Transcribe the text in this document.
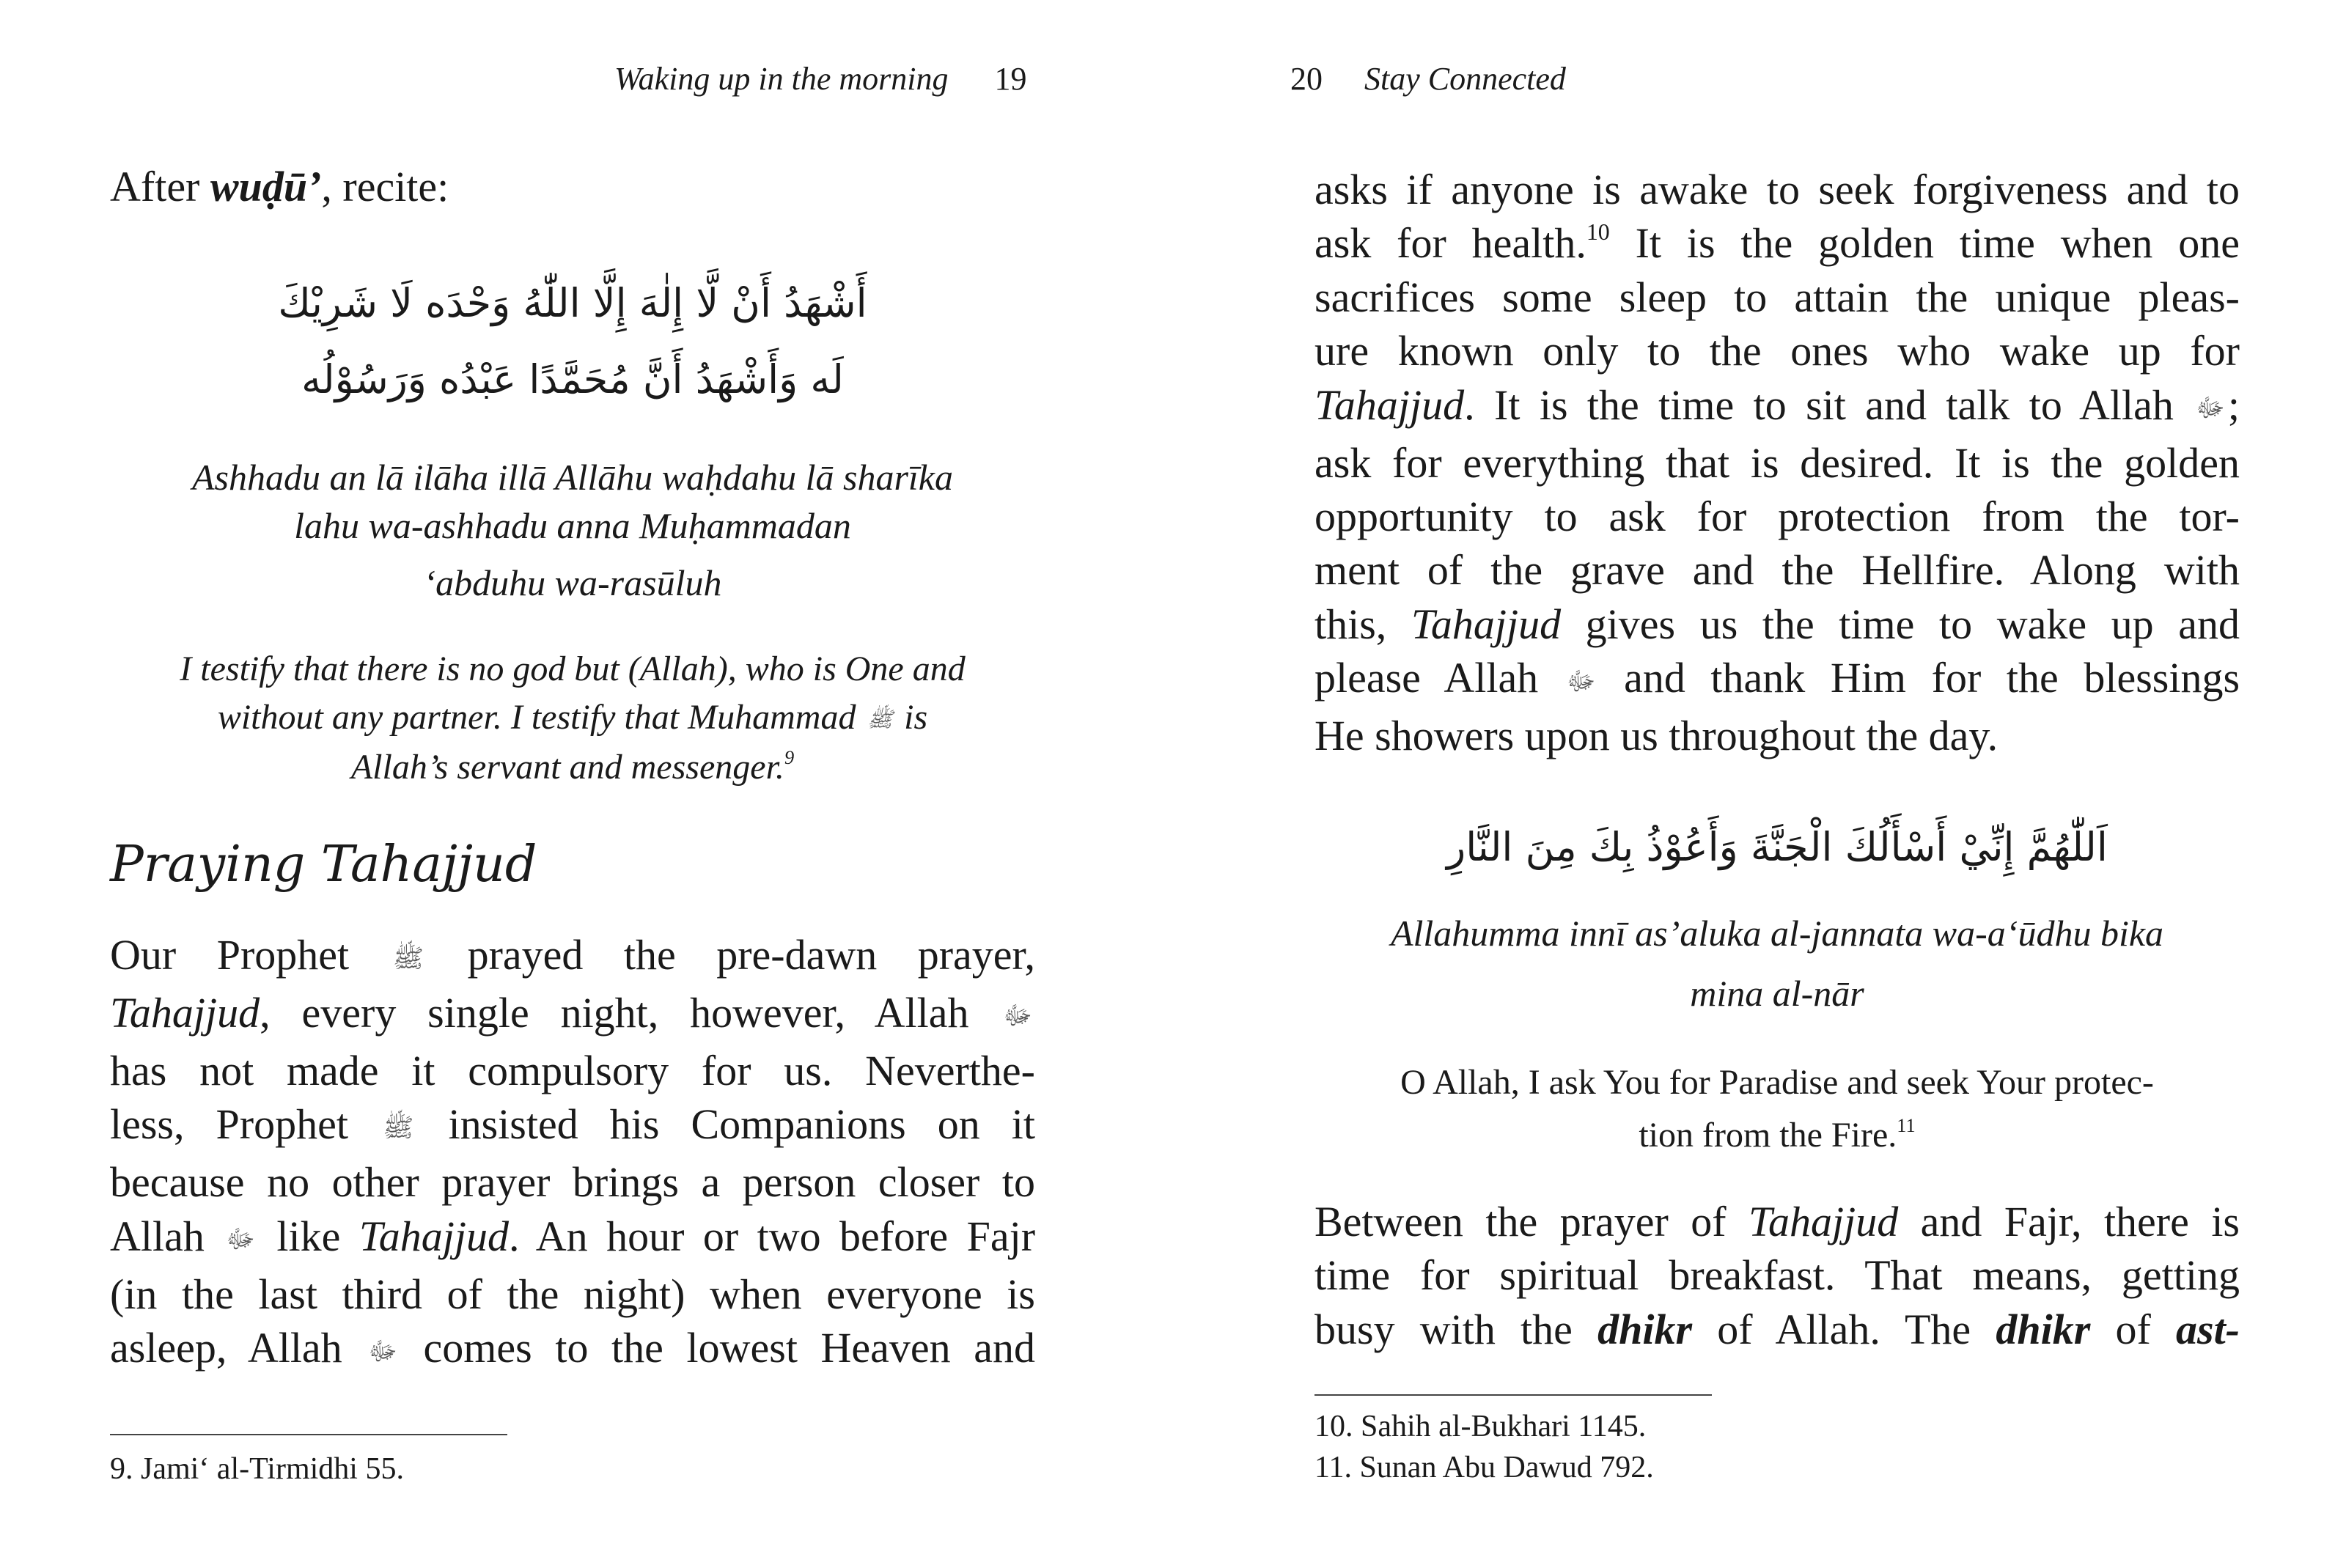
Waking up in the morning 19
After wuḍū’, recite:
أَشْهَدُ أَنْ لَّا إِلٰهَ إِلَّا اللّٰهُ وَحْدَه لَا شَرِيْكَ
لَه وَأَشْهَدُ أَنَّ مُحَمَّدًا عَبْدُه وَرَسُوْلُه
Ashhadu an lā ilāha illā Allāhu waḥdahu lā sharīka
lahu wa-ashhadu anna Muḥammadan
‘abduhu wa-rasūluh
I testify that there is no god but (Allah), who is One and
without any partner. I testify that Muhammad ﷺ is
Allah’s servant and messenger.$^9$
Praying Tahajjud
Our Prophet ﷺ prayed the pre-dawn prayer,
Tahajjud, every single night, however, Allah ﷻ
has not made it compulsory for us. Neverthe-
less, Prophet ﷺ insisted his Companions on it
because no other prayer brings a person closer to
Allah ﷻ like Tahajjud. An hour or two before Fajr
(in the last third of the night) when everyone is
asleep, Allah ﷻ comes to the lowest Heaven and
9. Jami‘ al-Tirmidhi 55.
20 Stay Connected
asks if anyone is awake to seek forgiveness and to
ask for health.$^{10}$ It is the golden time when one
sacrifices some sleep to attain the unique pleas-
ure known only to the ones who wake up for
Tahajjud. It is the time to sit and talk to Allah ﷻ;
ask for everything that is desired. It is the golden
opportunity to ask for protection from the tor-
ment of the grave and the Hellfire. Along with
this, Tahajjud gives us the time to wake up and
please Allah ﷻ and thank Him for the blessings
He showers upon us throughout the day.
اَللّٰهُمَّ إِنِّيْ أَسْأَلُكَ الْجَنَّةَ وَأَعُوْذُ بِكَ مِنَ النَّارِ
Allahumma innī as’aluka al-jannata wa-a‘ūdhu bika
mina al-nār
O Allah, I ask You for Paradise and seek Your protec-
tion from the Fire.$^{11}$
Between the prayer of Tahajjud and Fajr, there is
time for spiritual breakfast. That means, getting
busy with the dhikr of Allah. The dhikr of ast-
10. Sahih al-Bukhari 1145.
11. Sunan Abu Dawud 792.
